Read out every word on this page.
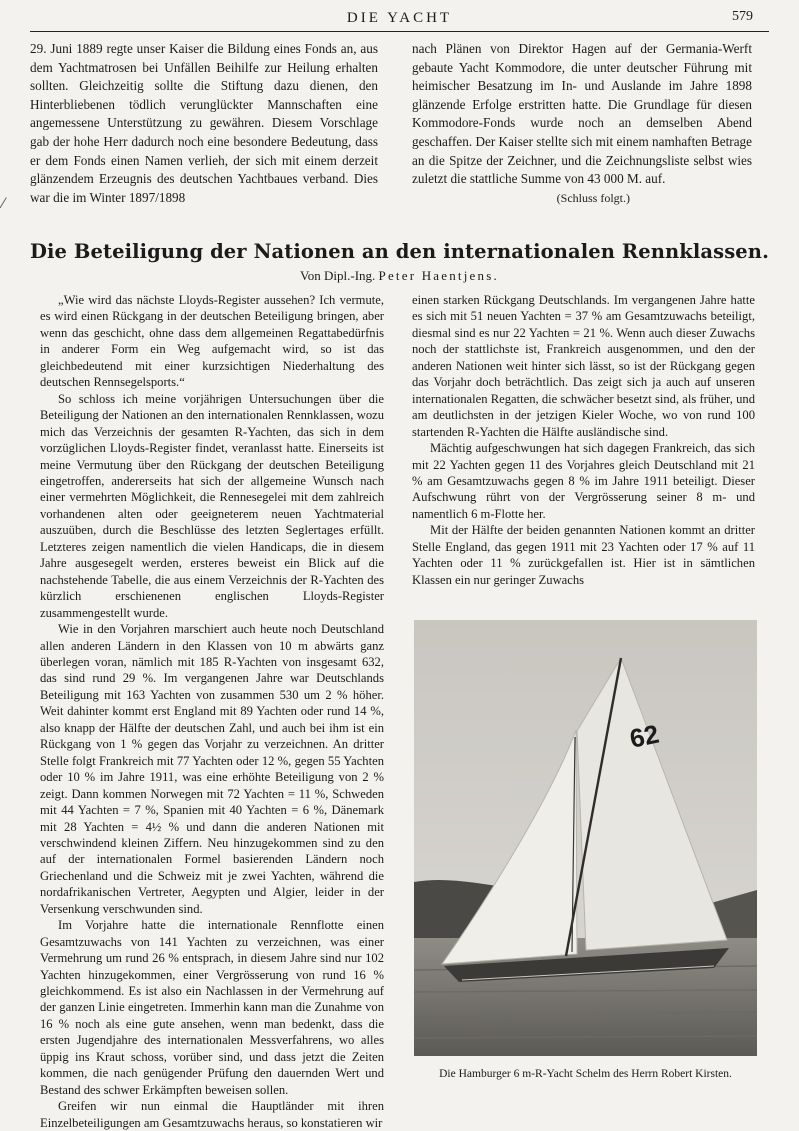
DIE YACHT	579

29. Juni 1889 regte unser Kaiser die Bildung eines Fonds an, aus dem Yachtmatrosen bei Unfällen Beihilfe zur Heilung erhalten sollten. Gleichzeitig sollte die Stiftung dazu dienen, den Hinterbliebenen tödlich verunglückter Mannschaften eine angemessene Unterstützung zu gewähren. Diesem Vorschlage gab der hohe Herr dadurch noch eine besondere Bedeutung, dass er dem Fonds einen Namen verlieh, der sich mit einem derzeit glänzendem Erzeugnis des deutschen Yachtbaues verband. Dies war die im Winter 1897/1898

nach Plänen von Direktor Hagen auf der Germania-Werft gebaute Yacht Kommodore, die unter deutscher Führung mit heimischer Besatzung im In- und Auslande im Jahre 1898 glänzende Erfolge erstritten hatte. Die Grundlage für diesen Kommodore-Fonds wurde noch an demselben Abend geschaffen. Der Kaiser stellte sich mit einem namhaften Betrage an die Spitze der Zeichner, und die Zeichnungsliste selbst wies zuletzt die stattliche Summe von 43 000 M. auf.

(Schluss folgt.)

⁄
Die Beteiligung der Nationen an den internationalen Rennklassen.
Von Dipl.-Ing. Peter Haentjens.

„Wie wird das nächste Lloyds-Register aussehen? Ich vermute, es wird einen Rückgang in der deutschen Beteiligung bringen, aber wenn das geschicht, ohne dass dem allgemeinen Regattabedürfnis in anderer Form ein Weg aufgemacht wird, so ist das gleichbedeutend mit einer kurzsichtigen Niederhaltung des deutschen Rennsegelsports.“

So schloss ich meine vorjährigen Untersuchungen über die Beteiligung der Nationen an den internationalen Rennklassen, wozu mich das Verzeichnis der gesamten R-Yachten, das sich in dem vorzüglichen Lloyds-Register findet, veranlasst hatte. Einerseits ist meine Vermutung über den Rückgang der deutschen Beteiligung eingetroffen, andererseits hat sich der allgemeine Wunsch nach einer vermehrten Möglichkeit, die Rennesegelei mit dem zahlreich vorhandenen alten oder geeigneterem neuen Yachtmaterial auszuüben, durch die Beschlüsse des letzten Seglertages erfüllt. Letzteres zeigen namentlich die vielen Handicaps, die in diesem Jahre ausgesegelt werden, ersteres beweist ein Blick auf die nachstehende Tabelle, die aus einem Verzeichnis der R-Yachten des kürzlich erschienenen englischen Lloyds-Register zusammengestellt wurde.

Wie in den Vorjahren marschiert auch heute noch Deutschland allen anderen Ländern in den Klassen von 10 m abwärts ganz überlegen voran, nämlich mit 185 R-Yachten von insgesamt 632, das sind rund 29 %. Im vergangenen Jahre war Deutschlands Beteiligung mit 163 Yachten von zusammen 530 um 2 % höher. Weit dahinter kommt erst England mit 89 Yachten oder rund 14 %, also knapp der Hälfte der deutschen Zahl, und auch bei ihm ist ein Rückgang von 1 % gegen das Vorjahr zu verzeichnen. An dritter Stelle folgt Frankreich mit 77 Yachten oder 12 %, gegen 55 Yachten oder 10 % im Jahre 1911, was eine erhöhte Beteiligung von 2 % zeigt. Dann kommen Norwegen mit 72 Yachten = 11 %, Schweden mit 44 Yachten = 7 %, Spanien mit 40 Yachten = 6 %, Dänemark mit 28 Yachten = 4½ % und dann die anderen Nationen mit verschwindend kleinen Ziffern. Neu hinzugekommen sind zu den auf der internationalen Formel basierenden Ländern noch Griechenland und die Schweiz mit je zwei Yachten, während die nordafrikanischen Vertreter, Aegypten und Algier, leider in der Versenkung verschwunden sind.

Im Vorjahre hatte die internationale Rennflotte einen Gesamtzuwachs von 141 Yachten zu verzeichnen, was einer Vermehrung um rund 26 % entsprach, in diesem Jahre sind nur 102 Yachten hinzugekommen, einer Vergrösserung von rund 16 % gleichkommend. Es ist also ein Nachlassen in der Vermehrung auf der ganzen Linie eingetreten. Immerhin kann man die Zunahme von 16 % noch als eine gute ansehen, wenn man bedenkt, dass die ersten Jugendjahre des internationalen Messverfahrens, wo alles üppig ins Kraut schoss, vorüber sind, und dass jetzt die Zeiten kommen, die nach genügender Prüfung den dauernden Wert und Bestand des schwer Erkämpften beweisen sollen.

Greifen wir nun einmal die Hauptländer mit ihren Einzelbeteiligungen am Gesamtzuwachs heraus, so konstatieren wir

einen starken Rückgang Deutschlands. Im vergangenen Jahre hatte es sich mit 51 neuen Yachten = 37 % am Gesamtzuwachs beteiligt, diesmal sind es nur 22 Yachten = 21 %. Wenn auch dieser Zuwachs noch der stattlichste ist, Frankreich ausgenommen, und den der anderen Nationen weit hinter sich lässt, so ist der Rückgang gegen das Vorjahr doch beträchtlich. Das zeigt sich ja auch auf unseren internationalen Regatten, die schwächer besetzt sind, als früher, und am deutlichsten in der jetzigen Kieler Woche, wo von rund 100 startenden R-Yachten die Hälfte ausländische sind.

Mächtig aufgeschwungen hat sich dagegen Frankreich, das sich mit 22 Yachten gegen 11 des Vorjahres gleich Deutschland mit 21 % am Gesamtzuwachs gegen 8 % im Jahre 1911 beteiligt. Dieser Aufschwung rührt von der Vergrösserung seiner 8 m- und namentlich 6 m-Flotte her.

Mit der Hälfte der beiden genannten Nationen kommt an dritter Stelle England, das gegen 1911 mit 23 Yachten oder 17 % auf 11 Yachten oder 11 % zurückgefallen ist. Hier ist in sämtlichen Klassen ein nur geringer Zuwachs

62
Die Hamburger 6 m-R-Yacht Schelm des Herrn Robert Kirsten.
